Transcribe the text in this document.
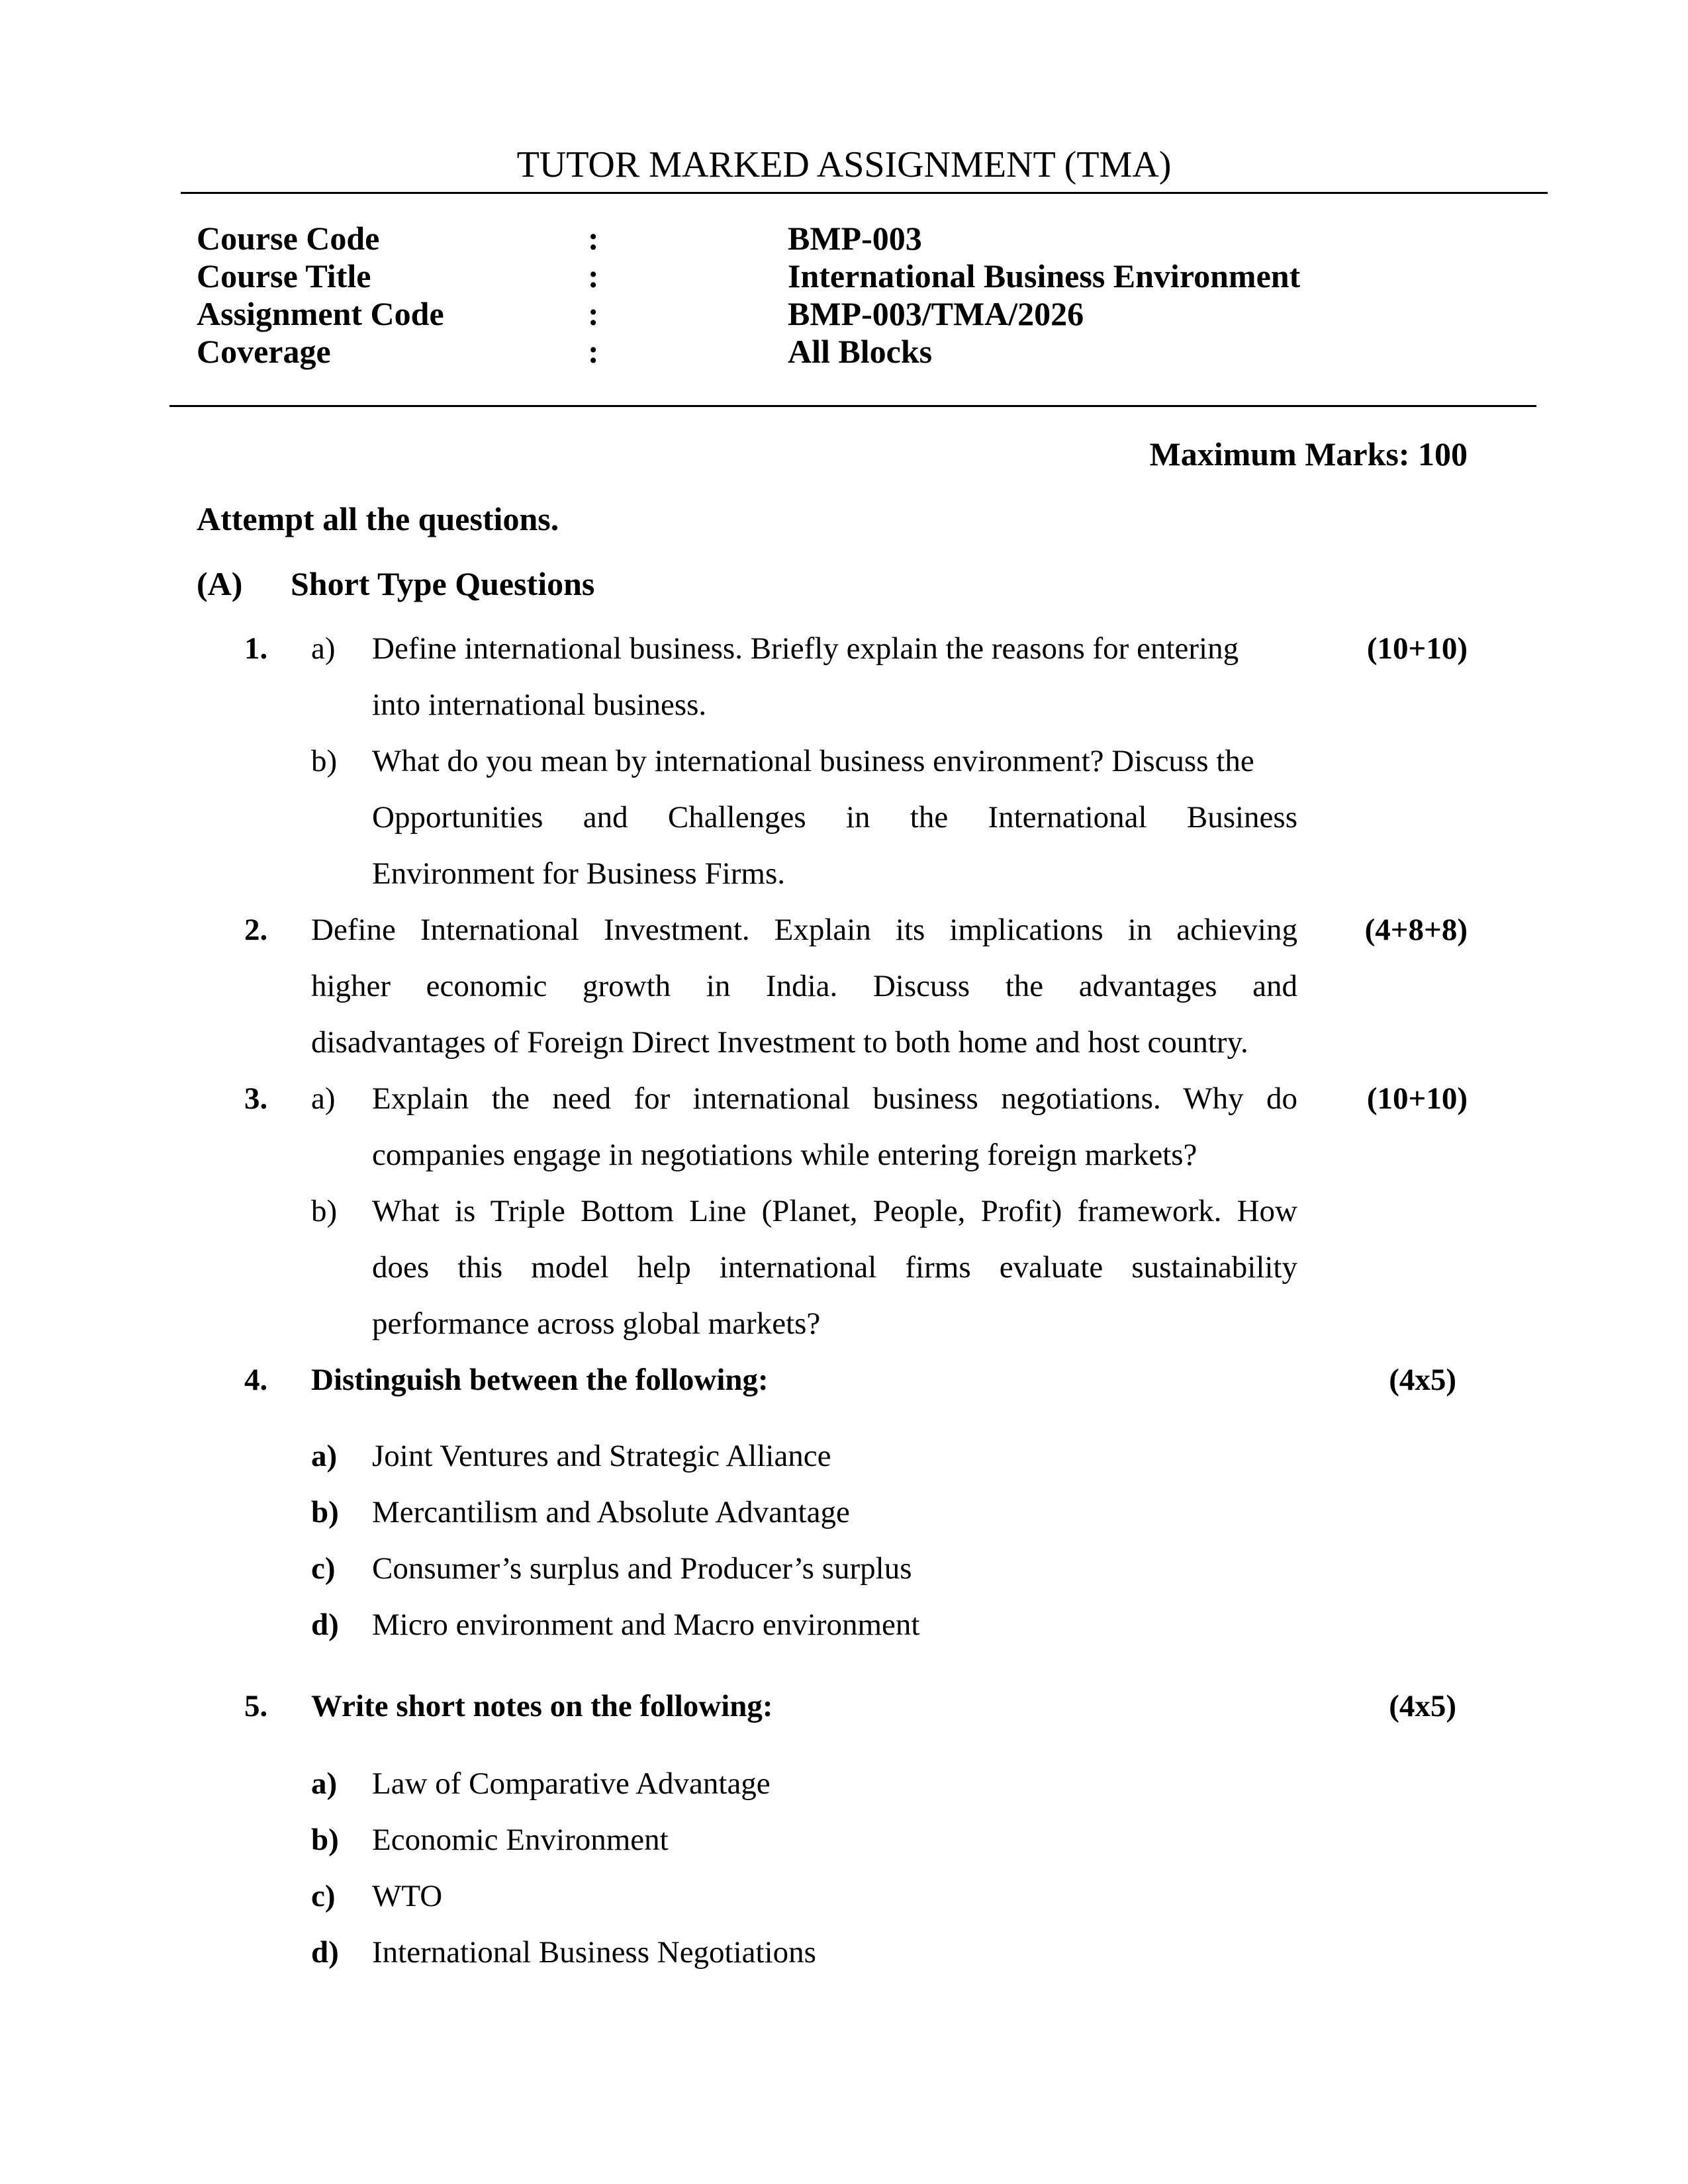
TUTOR MARKED ASSIGNMENT (TMA)
Course Code	:	BMP-003
Course Title	:	International Business Environment
Assignment Code	:	BMP-003/TMA/2026
Coverage	:	All Blocks
Maximum Marks: 100
Attempt all the questions.
(A) Short Type Questions
1. a) Define international business. Briefly explain the reasons for entering
into international business.
(10+10)
b) What do you mean by international business environment? Discuss the
Opportunities and Challenges in the International Business
Environment for Business Firms.
2. Define International Investment. Explain its implications in achieving
higher economic growth in India. Discuss the advantages and
disadvantages of Foreign Direct Investment to both home and host country.
(4+8+8)
3. a) Explain the need for international business negotiations. Why do
companies engage in negotiations while entering foreign markets?
(10+10)
b) What is Triple Bottom Line (Planet, People, Profit) framework. How
does this model help international firms evaluate sustainability
performance across global markets?
4. Distinguish between the following:	(4x5)
a) Joint Ventures and Strategic Alliance
b) Mercantilism and Absolute Advantage
c) Consumer’s surplus and Producer’s surplus
d) Micro environment and Macro environment
5. Write short notes on the following:	(4x5)
a) Law of Comparative Advantage
b) Economic Environment
c) WTO
d) International Business Negotiations
